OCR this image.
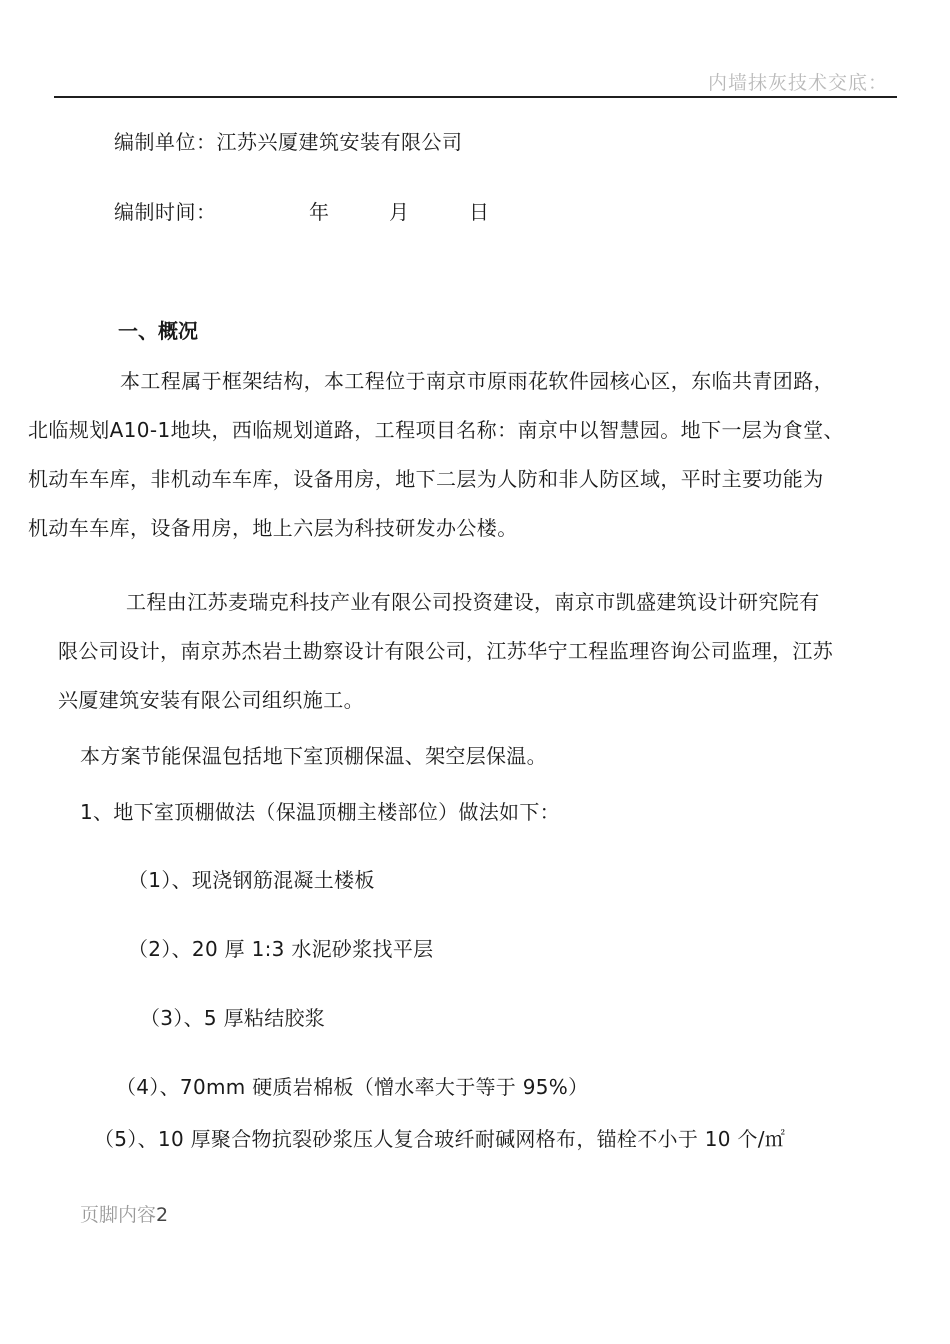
内墙抹灰技术交底：
编制单位：江苏兴厦建筑安装有限公司
编制时间：	年	月	日
一、概况

本工程属于框架结构，本工程位于南京市原雨花软件园核心区，东临共青团路，

北临规划A10-1地块，西临规划道路，工程项目名称：南京中以智慧园。地下一层为食堂、

机动车车库，非机动车车库，设备用房，地下二层为人防和非人防区域，平时主要功能为

机动车车库，设备用房，地上六层为科技研发办公楼。

工程由江苏麦瑞克科技产业有限公司投资建设，南京市凯盛建筑设计研究院有

限公司设计，南京苏杰岩土勘察设计有限公司，江苏华宁工程监理咨询公司监理，江苏

兴厦建筑安装有限公司组织施工。

本方案节能保温包括地下室顶棚保温、架空层保温。
1、地下室顶棚做法（保温顶棚主楼部位）做法如下：
（1）、现浇钢筋混凝土楼板
（2）、20 厚 1:3 水泥砂浆找平层
（3）、5 厚粘结胶浆
（4）、70mm 硬质岩棉板（憎水率大于等于 95%）
（5）、10 厚聚合物抗裂砂浆压人复合玻纤耐碱网格布，锚栓不小于 10 个/㎡
页脚内容2
